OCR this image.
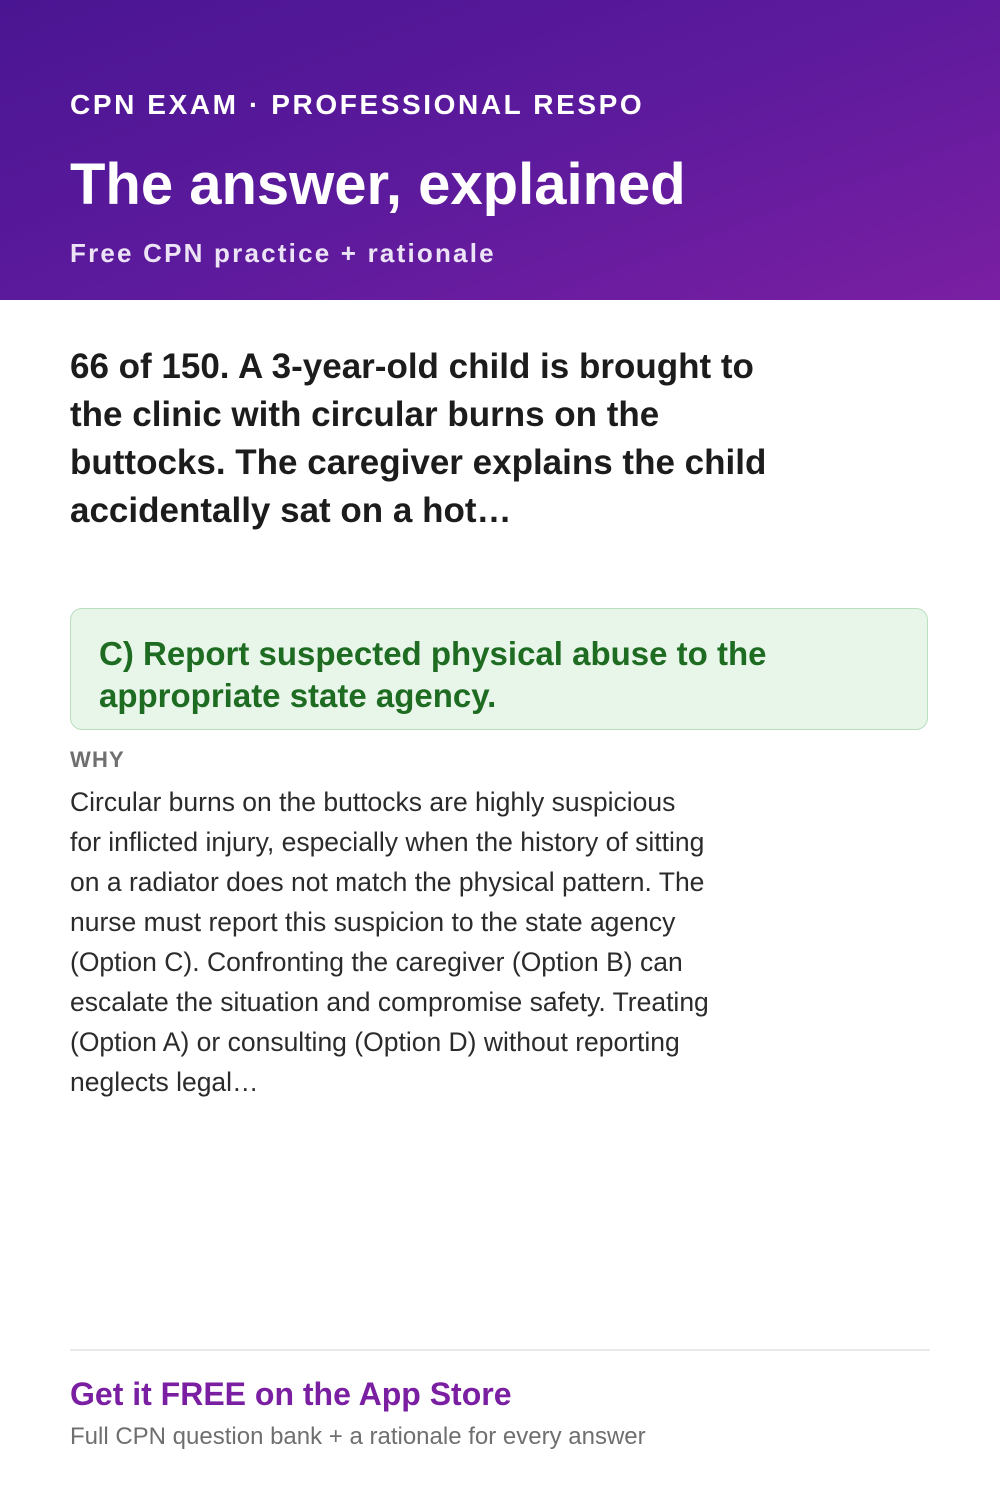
CPN EXAM · PROFESSIONAL RESPO
The answer, explained
Free CPN practice + rationale
66 of 150. A 3-year-old child is brought to the clinic with circular burns on the buttocks. The caregiver explains the child accidentally sat on a hot…
C) Report suspected physical abuse to the appropriate state agency.
WHY
Circular burns on the buttocks are highly suspicious for inflicted injury, especially when the history of sitting on a radiator does not match the physical pattern. The nurse must report this suspicion to the state agency (Option C). Confronting the caregiver (Option B) can escalate the situation and compromise safety. Treating (Option A) or consulting (Option D) without reporting neglects legal…
Get it FREE on the App Store
Full CPN question bank + a rationale for every answer
